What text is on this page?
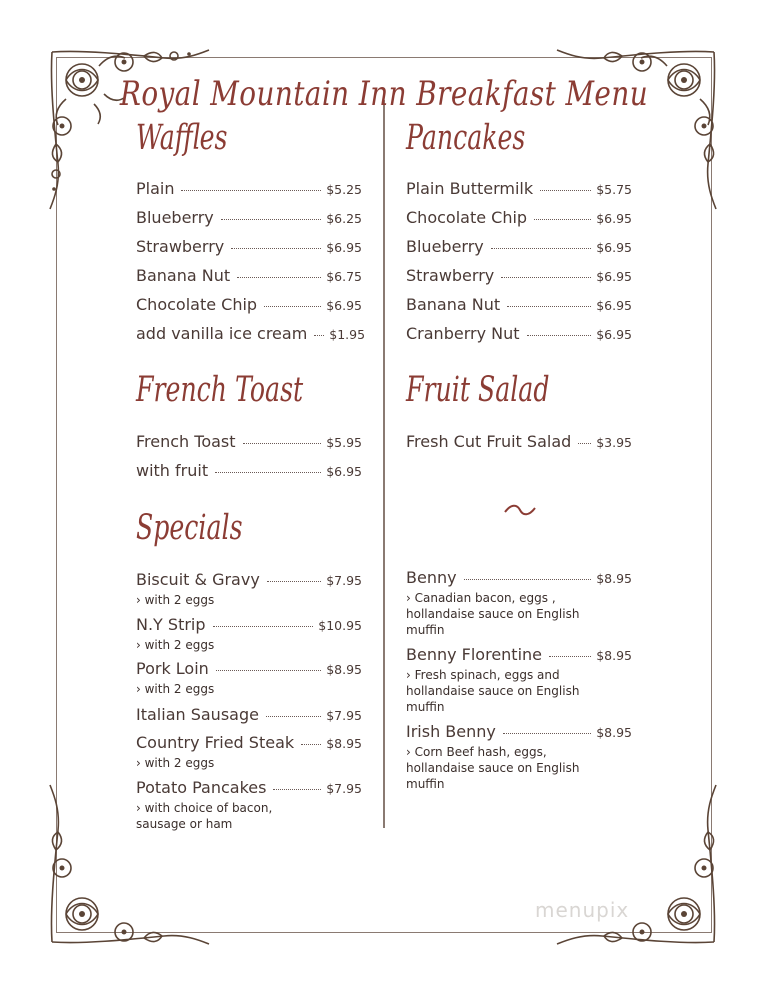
Royal Mountain Inn Breakfast Menu
Waffles
Plain	$5.25
Blueberry	$6.25
Strawberry	$6.95
Banana Nut	$6.75
Chocolate Chip	$6.95
add vanilla ice cream	$1.95
Pancakes
Plain Buttermilk	$5.75
Chocolate Chip	$6.95
Blueberry	$6.95
Strawberry	$6.95
Banana Nut	$6.95
Cranberry Nut	$6.95
French Toast
French Toast	$5.95
with fruit	$6.95
Fruit Salad
Fresh Cut Fruit Salad	$3.95
Specials
Biscuit & Gravy	$7.95
› with 2 eggs
N.Y Strip	$10.95
› with 2 eggs
Pork Loin	$8.95
› with 2 eggs
Italian Sausage	$7.95
Country Fried Steak	$8.95
› with 2 eggs
Potato Pancakes	$7.95
› with choice of bacon,
sausage or ham
Benny	$8.95
› Canadian bacon, eggs ,
hollandaise sauce on English
muffin
Benny Florentine	$8.95
› Fresh spinach, eggs and
hollandaise sauce on English
muffin
Irish Benny	$8.95
› Corn Beef hash, eggs,
hollandaise sauce on English
muffin
menupix
